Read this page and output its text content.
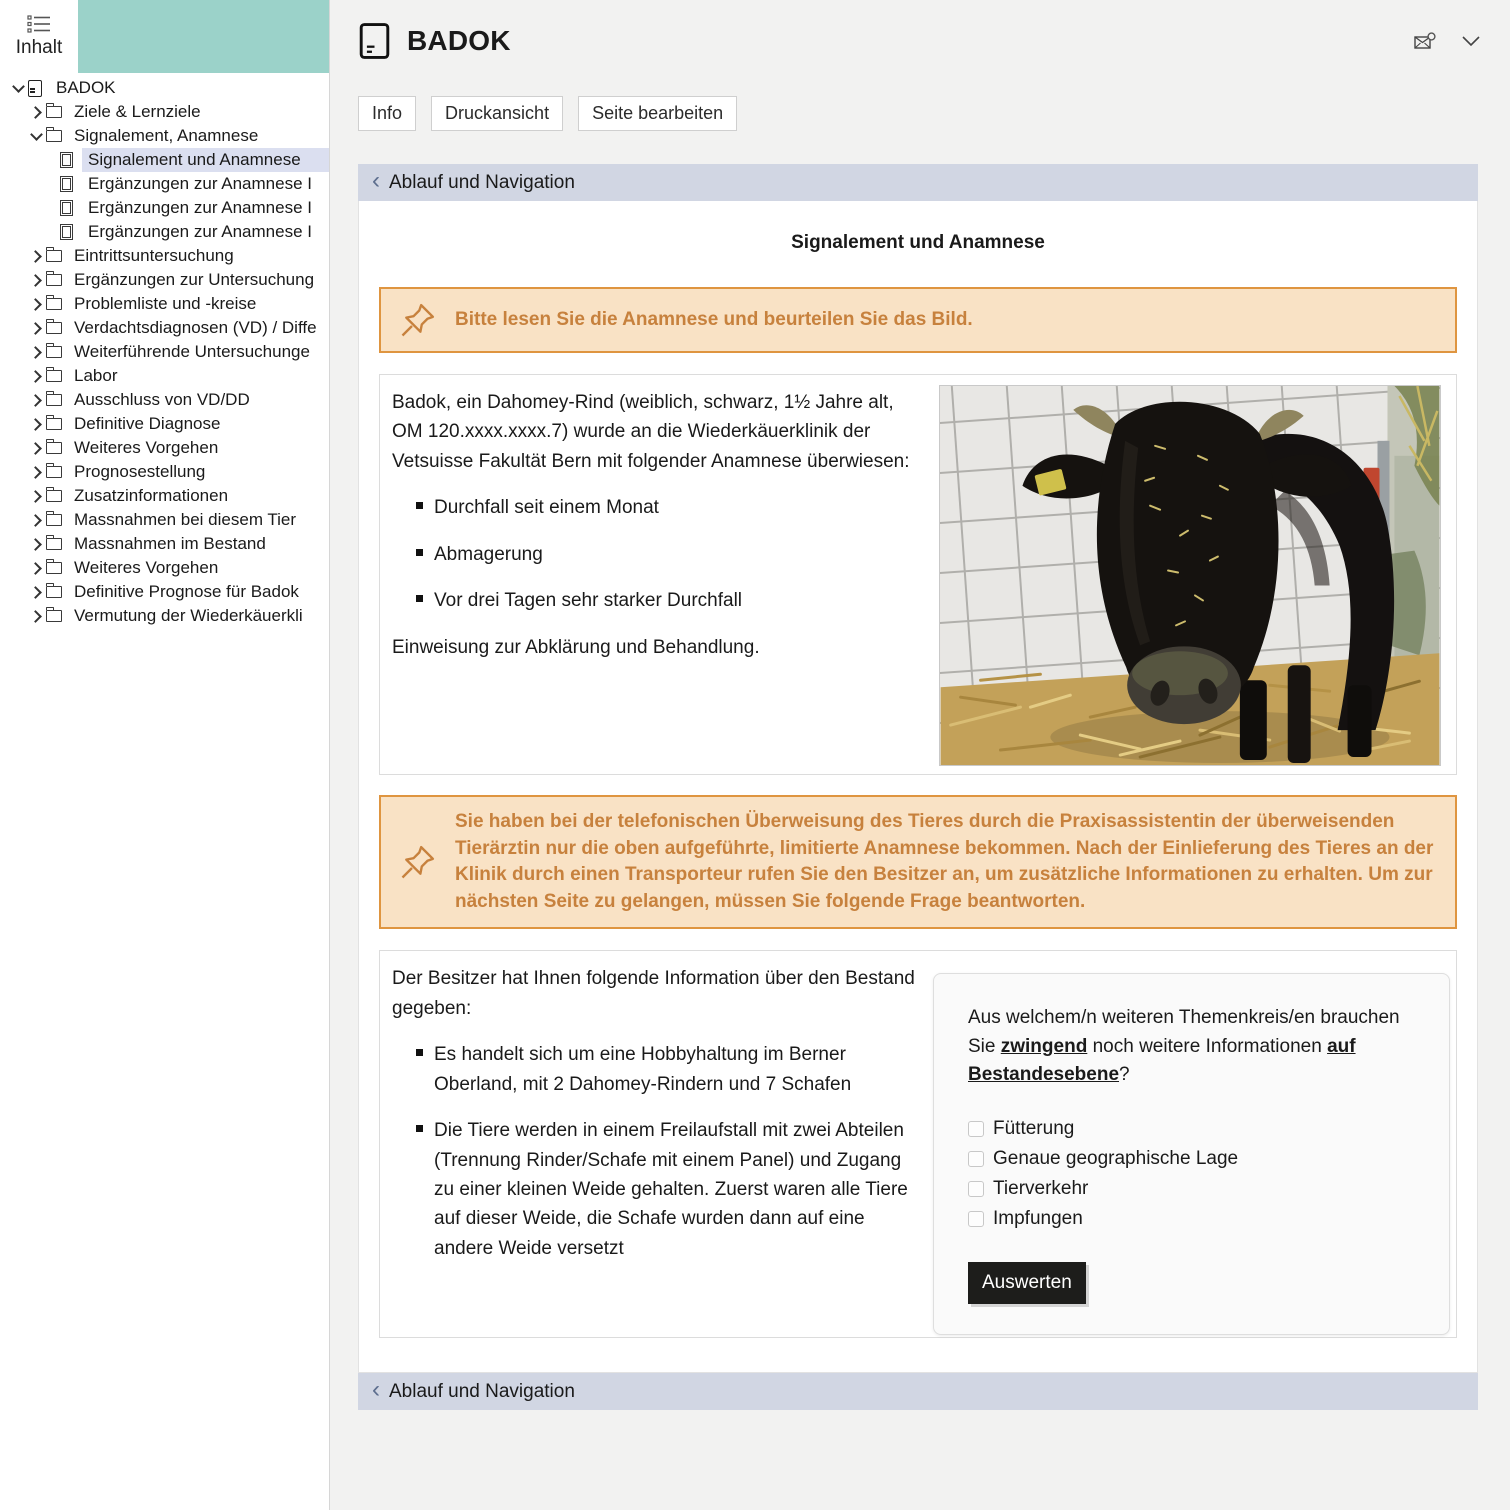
Inhalt
BADOK
Ziele & Lernziele
Signalement, Anamnese
Signalement und Anamnese
Ergänzungen zur Anamnese I
Ergänzungen zur Anamnese I
Ergänzungen zur Anamnese I
Eintrittsuntersuchung
Ergänzungen zur Untersuchung
Problemliste und -kreise
Verdachtsdiagnosen (VD) / Diffe
Weiterführende Untersuchunge
Labor
Ausschluss von VD/DD
Definitive Diagnose
Weiteres Vorgehen
Prognosestellung
Zusatzinformationen
Massnahmen bei diesem Tier
Massnahmen im Bestand
Weiteres Vorgehen
Definitive Prognose für Badok
Vermutung der Wiederkäuerkli
BADOK
Info	Druckansicht	Seite bearbeiten
‹
Ablauf und Navigation
Signalement und Anamnese
Bitte lesen Sie die Anamnese und beurteilen Sie das Bild.
Badok, ein Dahomey-Rind (weiblich, schwarz, 1½ Jahre alt, OM 120.xxxx.xxxx.7) wurde an die Wiederkäuerklinik der Vetsuisse Fakultät Bern mit folgender Anamnese überwiesen:
Durchfall seit einem Monat
Abmagerung
Vor drei Tagen sehr starker Durchfall
Einweisung zur Abklärung und Behandlung.
Sie haben bei der telefonischen Überweisung des Tieres durch die Praxisassistentin der überweisenden Tierärztin nur die oben aufgeführte, limitierte Anamnese bekommen. Nach der Einlieferung des Tieres an der Klinik durch einen Transporteur rufen Sie den Besitzer an, um zusätzliche Informationen zu erhalten. Um zur nächsten Seite zu gelangen, müssen Sie folgende Frage beantworten.
Der Besitzer hat Ihnen folgende Information über den Bestand gegeben:
Es handelt sich um eine Hobbyhaltung im Berner Oberland, mit 2 Dahomey-Rindern und 7 Schafen
Die Tiere werden in einem Freilaufstall mit zwei Abteilen (Trennung Rinder/Schafe mit einem Panel) und Zugang zu einer kleinen Weide gehalten. Zuerst waren alle Tiere auf dieser Weide, die Schafe wurden dann auf eine andere Weide versetzt
Aus welchem/n weiteren Themenkreis/en brauchen Sie zwingend noch weitere Informationen auf Bestandesebene?
Fütterung
Genaue geographische Lage
Tierverkehr
Impfungen
Auswerten
‹
Ablauf und Navigation
